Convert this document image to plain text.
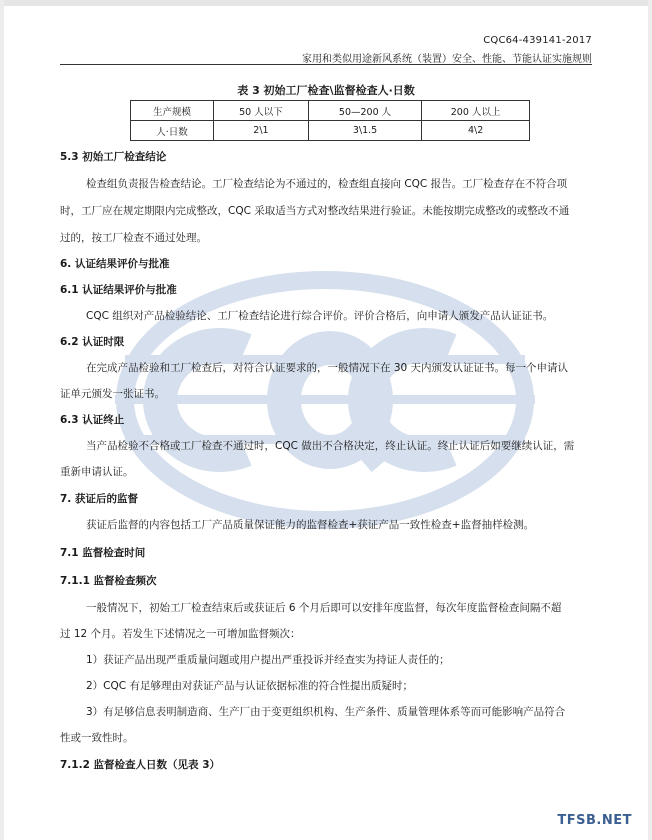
CQC64-439141-2017
家用和类似用途新风系统（装置）安全、性能、节能认证实施规则
表 3 初始工厂检查\监督检查人·日数
生产规模	50 人以下	50—200 人	200 人以上
人·日数	2\1	3\1.5	4\2
5.3 初始工厂检查结论
检查组负责报告检查结论。工厂检查结论为不通过的，检查组直接向 CQC 报告。工厂检查存在不符合项
时，工厂应在规定期限内完成整改，CQC 采取适当方式对整改结果进行验证。未能按期完成整改的或整改不通
过的，按工厂检查不通过处理。
6. 认证结果评价与批准
6.1 认证结果评价与批准
CQC 组织对产品检验结论、工厂检查结论进行综合评价。评价合格后，向申请人颁发产品认证证书。
6.2 认证时限
在完成产品检验和工厂检查后，对符合认证要求的，一般情况下在 30 天内颁发认证证书。每一个申请认
证单元颁发一张证书。
6.3 认证终止
当产品检验不合格或工厂检查不通过时，CQC 做出不合格决定，终止认证。终止认证后如要继续认证，需
重新申请认证。
7. 获证后的监督
获证后监督的内容包括工厂产品质量保证能力的监督检查+获证产品一致性检查+监督抽样检测。
7.1 监督检查时间
7.1.1 监督检查频次
一般情况下，初始工厂检查结束后或获证后 6 个月后即可以安排年度监督，每次年度监督检查间隔不超
过 12 个月。若发生下述情况之一可增加监督频次：
1）获证产品出现严重质量问题或用户提出严重投诉并经查实为持证人责任的；
2）CQC 有足够理由对获证产品与认证依据标准的符合性提出质疑时；
3）有足够信息表明制造商、生产厂由于变更组织机构、生产条件、质量管理体系等而可能影响产品符合
性或一致性时。
7.1.2 监督检查人日数（见表 3）
TFSB.NET
